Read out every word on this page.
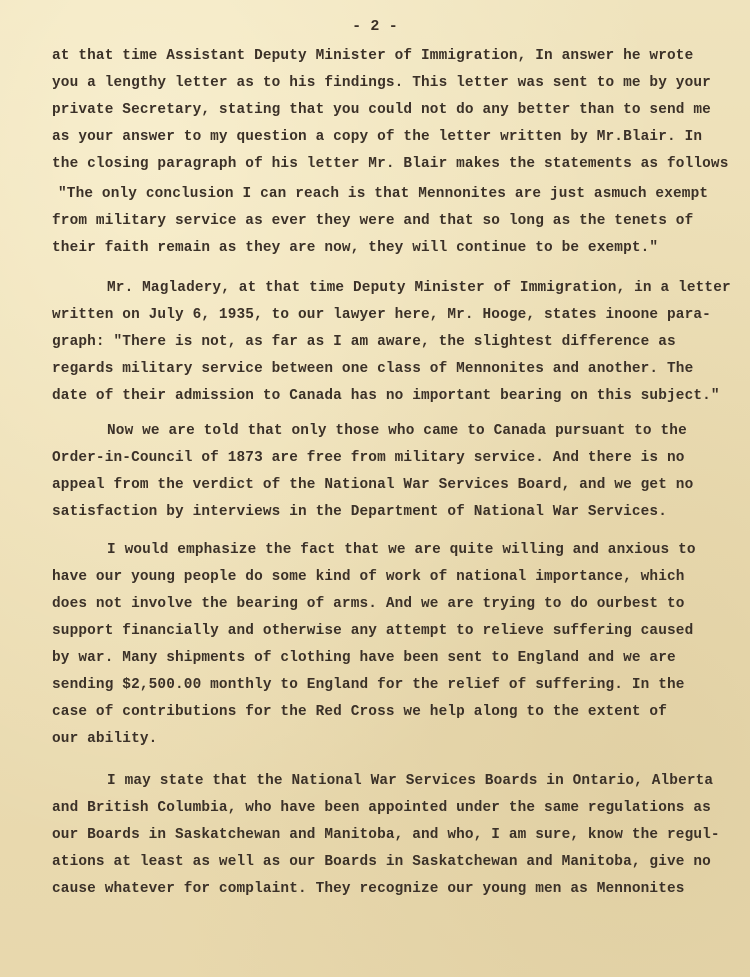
- 2 -
at that time Assistant Deputy Minister of Immigration, In answer he wrote
you a lengthy letter as to his findings. This letter was sent to me by your
private Secretary, stating that you could not do any better than to send me
as your answer to my question a copy of the letter written by Mr.Blair. In
the closing paragraph of his letter Mr. Blair makes the statements as follows
"The only conclusion I can reach is that Mennonites are just asmuch exempt
from military service as ever they were and that so long as the tenets of
their faith remain as they are now, they will continue to be exempt."
Mr. Magladery, at that time Deputy Minister of Immigration, in a letter
written on July 6, 1935, to our lawyer here, Mr. Hooge, states inoone para-
graph: "There is not, as far as I am aware, the slightest difference as
regards military service between one class of Mennonites and another. The
date of their admission to Canada has no important bearing on this subject."
Now we are told that only those who came to Canada pursuant to the
Order-in-Council of 1873 are free from military service. And there is no
appeal from the verdict of the National War Services Board, and we get no
satisfaction by interviews in the Department of National War Services.
I would emphasize the fact that we are quite willing and anxious to
have our young people do some kind of work of national importance, which
does not involve the bearing of arms. And we are trying to do ourbest to
support financially and otherwise any attempt to relieve suffering caused
by war. Many shipments of clothing have been sent to England and we are
sending $2,500.00 monthly to England for the relief of suffering. In the
case of contributions for the Red Cross we help along to the extent of
our ability.
I may state that the National War Services Boards in Ontario, Alberta
and British Columbia, who have been appointed under the same regulations as
our Boards in Saskatchewan and Manitoba, and who, I am sure, know the regul-
ations at least as well as our Boards in Saskatchewan and Manitoba, give no
cause whatever for complaint. They recognize our young men as Mennonites
